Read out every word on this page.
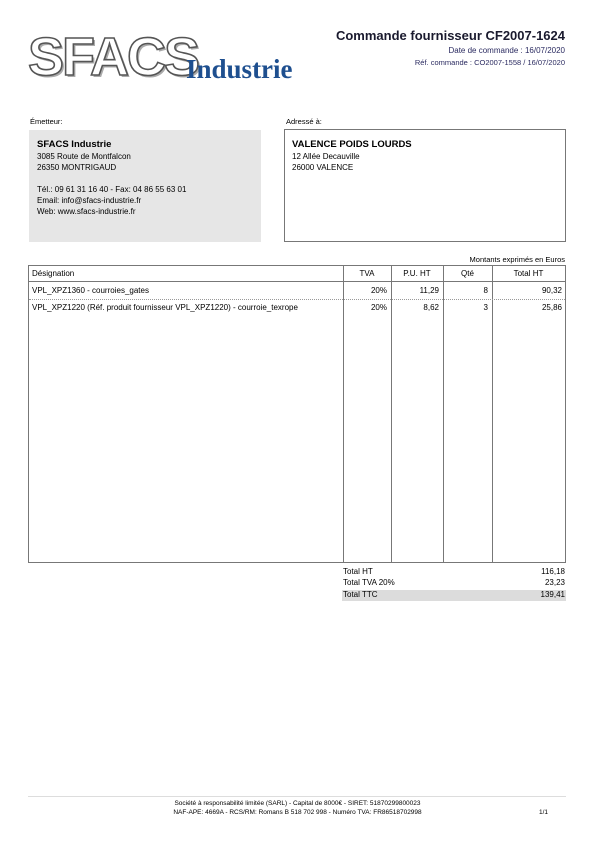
SFACS
Industrie
Commande fournisseur CF2007-1624
Date de commande : 16/07/2020
Réf. commande : CO2007-1558 / 16/07/2020
Émetteur:	Adressé à:
SFACS Industrie
3085 Route de Montfalcon
26350 MONTRIGAUD
Tél.: 09 61 31 16 40 - Fax: 04 86 55 63 01
Email: info@sfacs-industrie.fr
Web: www.sfacs-industrie.fr
VALENCE POIDS LOURDS
12 Allée Decauville
26000 VALENCE
Montants exprimés en Euros
Désignation	TVA	P.U. HT	Qté	Total HT
VPL_XPZ1360 - courroies_gates	20%	11,29	8	90,32
VPL_XPZ1220 (Réf. produit fournisseur VPL_XPZ1220) - courroie_texrope	20%	8,62	3	25,86
Total HT	116,18
Total TVA 20%	23,23
Total TTC	139,41
Société à responsabilité limitée (SARL) - Capital de 8000€ - SIRET: 51870299800023
NAF-APE: 4669A - RCS/RM: Romans B 518 702 998 - Numéro TVA: FR86518702998	1/1
